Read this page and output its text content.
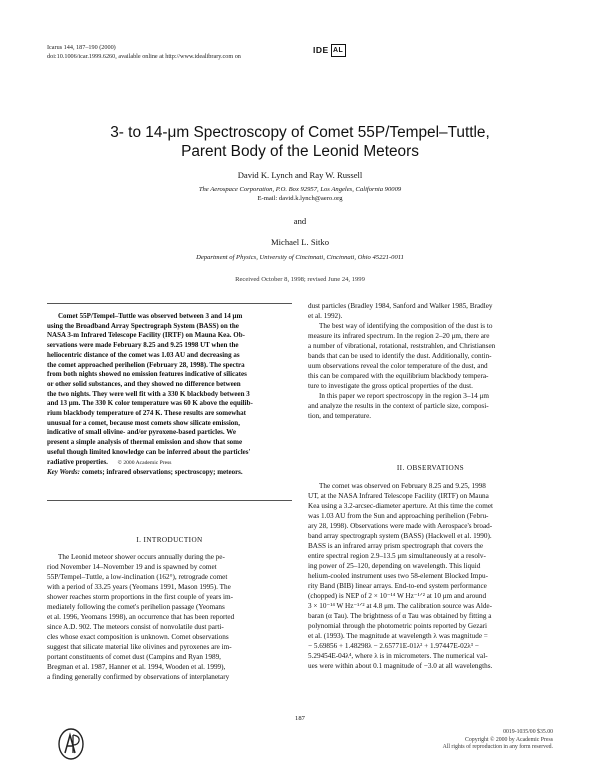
Icarus 144, 187–190 (2000)
doi:10.1006/icar.1999.6260, available online at http://www.idealibrary.com on
IDE AL
3- to 14-μm Spectroscopy of Comet 55P/Tempel–Tuttle,
Parent Body of the Leonid Meteors
David K. Lynch and Ray W. Russell
The Aerospace Corporation, P.O. Box 92957, Los Angeles, California 90009
E-mail: david.k.lynch@aero.org
and
Michael L. Sitko
Department of Physics, University of Cincinnati, Cincinnati, Ohio 45221-0011
Received October 8, 1998; revised June 24, 1999
Comet 55P/Tempel–Tuttle was observed between 3 and 14 μm
using the Broadband Array Spectrograph System (BASS) on the
NASA 3-m Infrared Telescope Facility (IRTF) on Mauna Kea. Ob-
servations were made February 8.25 and 9.25 1998 UT when the
heliocentric distance of the comet was 1.03 AU and decreasing as
the comet approached perihelion (February 28, 1998). The spectra
from both nights showed no emission features indicative of silicates
or other solid substances, and they showed no difference between
the two nights. They were well fit with a 330 K blackbody between 3
and 13 μm. The 330 K color temperature was 60 K above the equilib-
rium blackbody temperature of 274 K. These results are somewhat
unusual for a comet, because most comets show silicate emission,
indicative of small olivine- and/or pyroxene-based particles. We
present a simple analysis of thermal emission and show that some
useful though limited knowledge can be inferred about the particles'
radiative properties. © 2000 Academic Press
Key Words: comets; infrared observations; spectroscopy; meteors.
I. INTRODUCTION
The Leonid meteor shower occurs annually during the pe-
riod November 14–November 19 and is spawned by comet
55P/Tempel–Tuttle, a low-inclination (162°), retrograde comet
with a period of 33.25 years (Yeomans 1991, Mason 1995). The
shower reaches storm proportions in the first couple of years im-
mediately following the comet's perihelion passage (Yeomans
et al. 1996, Yeomans 1998), an occurrence that has been reported
since A.D. 902. The meteors consist of nonvolatile dust parti-
cles whose exact composition is unknown. Comet observations
suggest that silicate material like olivines and pyroxenes are im-
portant constituents of comet dust (Campins and Ryan 1989,
Bregman et al. 1987, Hanner et al. 1994, Wooden et al. 1999),
a finding generally confirmed by observations of interplanetary
dust particles (Bradley 1984, Sanford and Walker 1985, Bradley
et al. 1992).
The best way of identifying the composition of the dust is to
measure its infrared spectrum. In the region 2–20 μm, there are
a number of vibrational, rotational, reststrahlen, and Christiansen
bands that can be used to identify the dust. Additionally, contin-
uum observations reveal the color temperature of the dust, and
this can be compared with the equilibrium blackbody tempera-
ture to investigate the gross optical properties of the dust.
In this paper we report spectroscopy in the region 3–14 μm
and analyze the results in the context of particle size, composi-
tion, and temperature.
II. OBSERVATIONS
The comet was observed on February 8.25 and 9.25, 1998
UT, at the NASA Infrared Telescope Facility (IRTF) on Mauna
Kea using a 3.2-arcsec-diameter aperture. At this time the comet
was 1.03 AU from the Sun and approaching perihelion (Febru-
ary 28, 1998). Observations were made with Aerospace's broad-
band array spectrograph system (BASS) (Hackwell et al. 1990).
BASS is an infrared array prism spectrograph that covers the
entire spectral region 2.9–13.5 μm simultaneously at a resolv-
ing power of 25–120, depending on wavelength. This liquid
helium-cooled instrument uses two 58-element Blocked Impu-
rity Band (BIB) linear arrays. End-to-end system performance
(chopped) is NEP of 2 × 10⁻¹⁴ W Hz⁻¹ᐟ² at 10 μm and around
3 × 10⁻¹⁴ W Hz⁻¹ᐟ² at 4.8 μm. The calibration source was Alde-
baran (α Tau). The brightness of α Tau was obtained by fitting a
polynomial through the photometric points reported by Gezari
et al. (1993). The magnitude at wavelength λ was magnitude =
− 5.69856 + 1.48298λ − 2.65771E-01λ² + 1.97447E-02λ³ −
5.29454E-04λ⁴, where λ is in micrometers. The numerical val-
ues were within about 0.1 magnitude of −3.0 at all wavelengths.
187
0019-1035/00 $35.00
Copyright © 2000 by Academic Press
All rights of reproduction in any form reserved.
